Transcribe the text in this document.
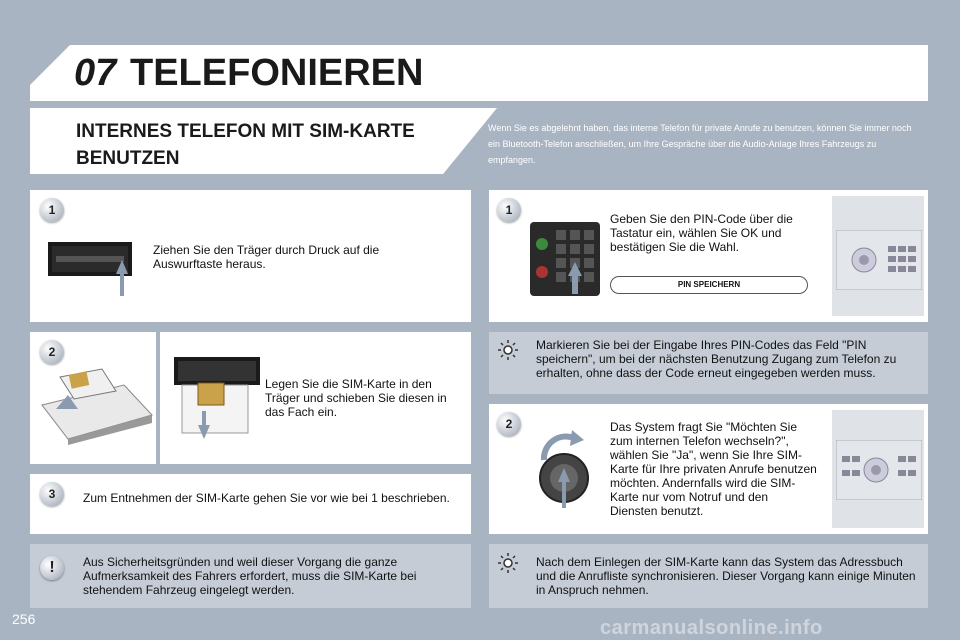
07 TELEFONIEREN
INTERNES TELEFON MIT SIM-KARTE BENUTZEN
Wenn Sie es abgelehnt haben, das interne Telefon für private Anrufe zu benutzen, können Sie immer noch ein Bluetooth-Telefon anschließen, um Ihre Gespräche über die Audio-Anlage Ihres Fahrzeugs zu empfangen.
1
Ziehen Sie den Träger durch Druck auf die Auswurftaste heraus.
2
Legen Sie die SIM-Karte in den Träger und schieben Sie diesen in das Fach ein.
3	Zum Entnehmen der SIM-Karte gehen Sie vor wie bei 1 beschrieben.
!	Aus Sicherheitsgründen und weil dieser Vorgang die ganze Aufmerksamkeit des Fahrers erfordert, muss die SIM-Karte bei stehendem Fahrzeug eingelegt werden.
1
Geben Sie den PIN-Code über die Tastatur ein, wählen Sie OK und bestätigen Sie die Wahl.
PIN SPEICHERN
Markieren Sie bei der Eingabe Ihres PIN-Codes das Feld "PIN speichern", um bei der nächsten Benutzung Zugang zum Telefon zu erhalten, ohne dass der Code erneut eingegeben werden muss.
2	Das System fragt Sie "Möchten Sie zum internen Telefon wechseln?", wählen Sie "Ja", wenn Sie Ihre SIM-Karte für Ihre privaten Anrufe benutzen möchten. Andernfalls wird die SIM-Karte nur vom Notruf und den Diensten benutzt.
Nach dem Einlegen der SIM-Karte kann das System das Adressbuch und die Anrufliste synchronisieren. Dieser Vorgang kann einige Minuten in Anspruch nehmen.
256	carmanualsonline.info
